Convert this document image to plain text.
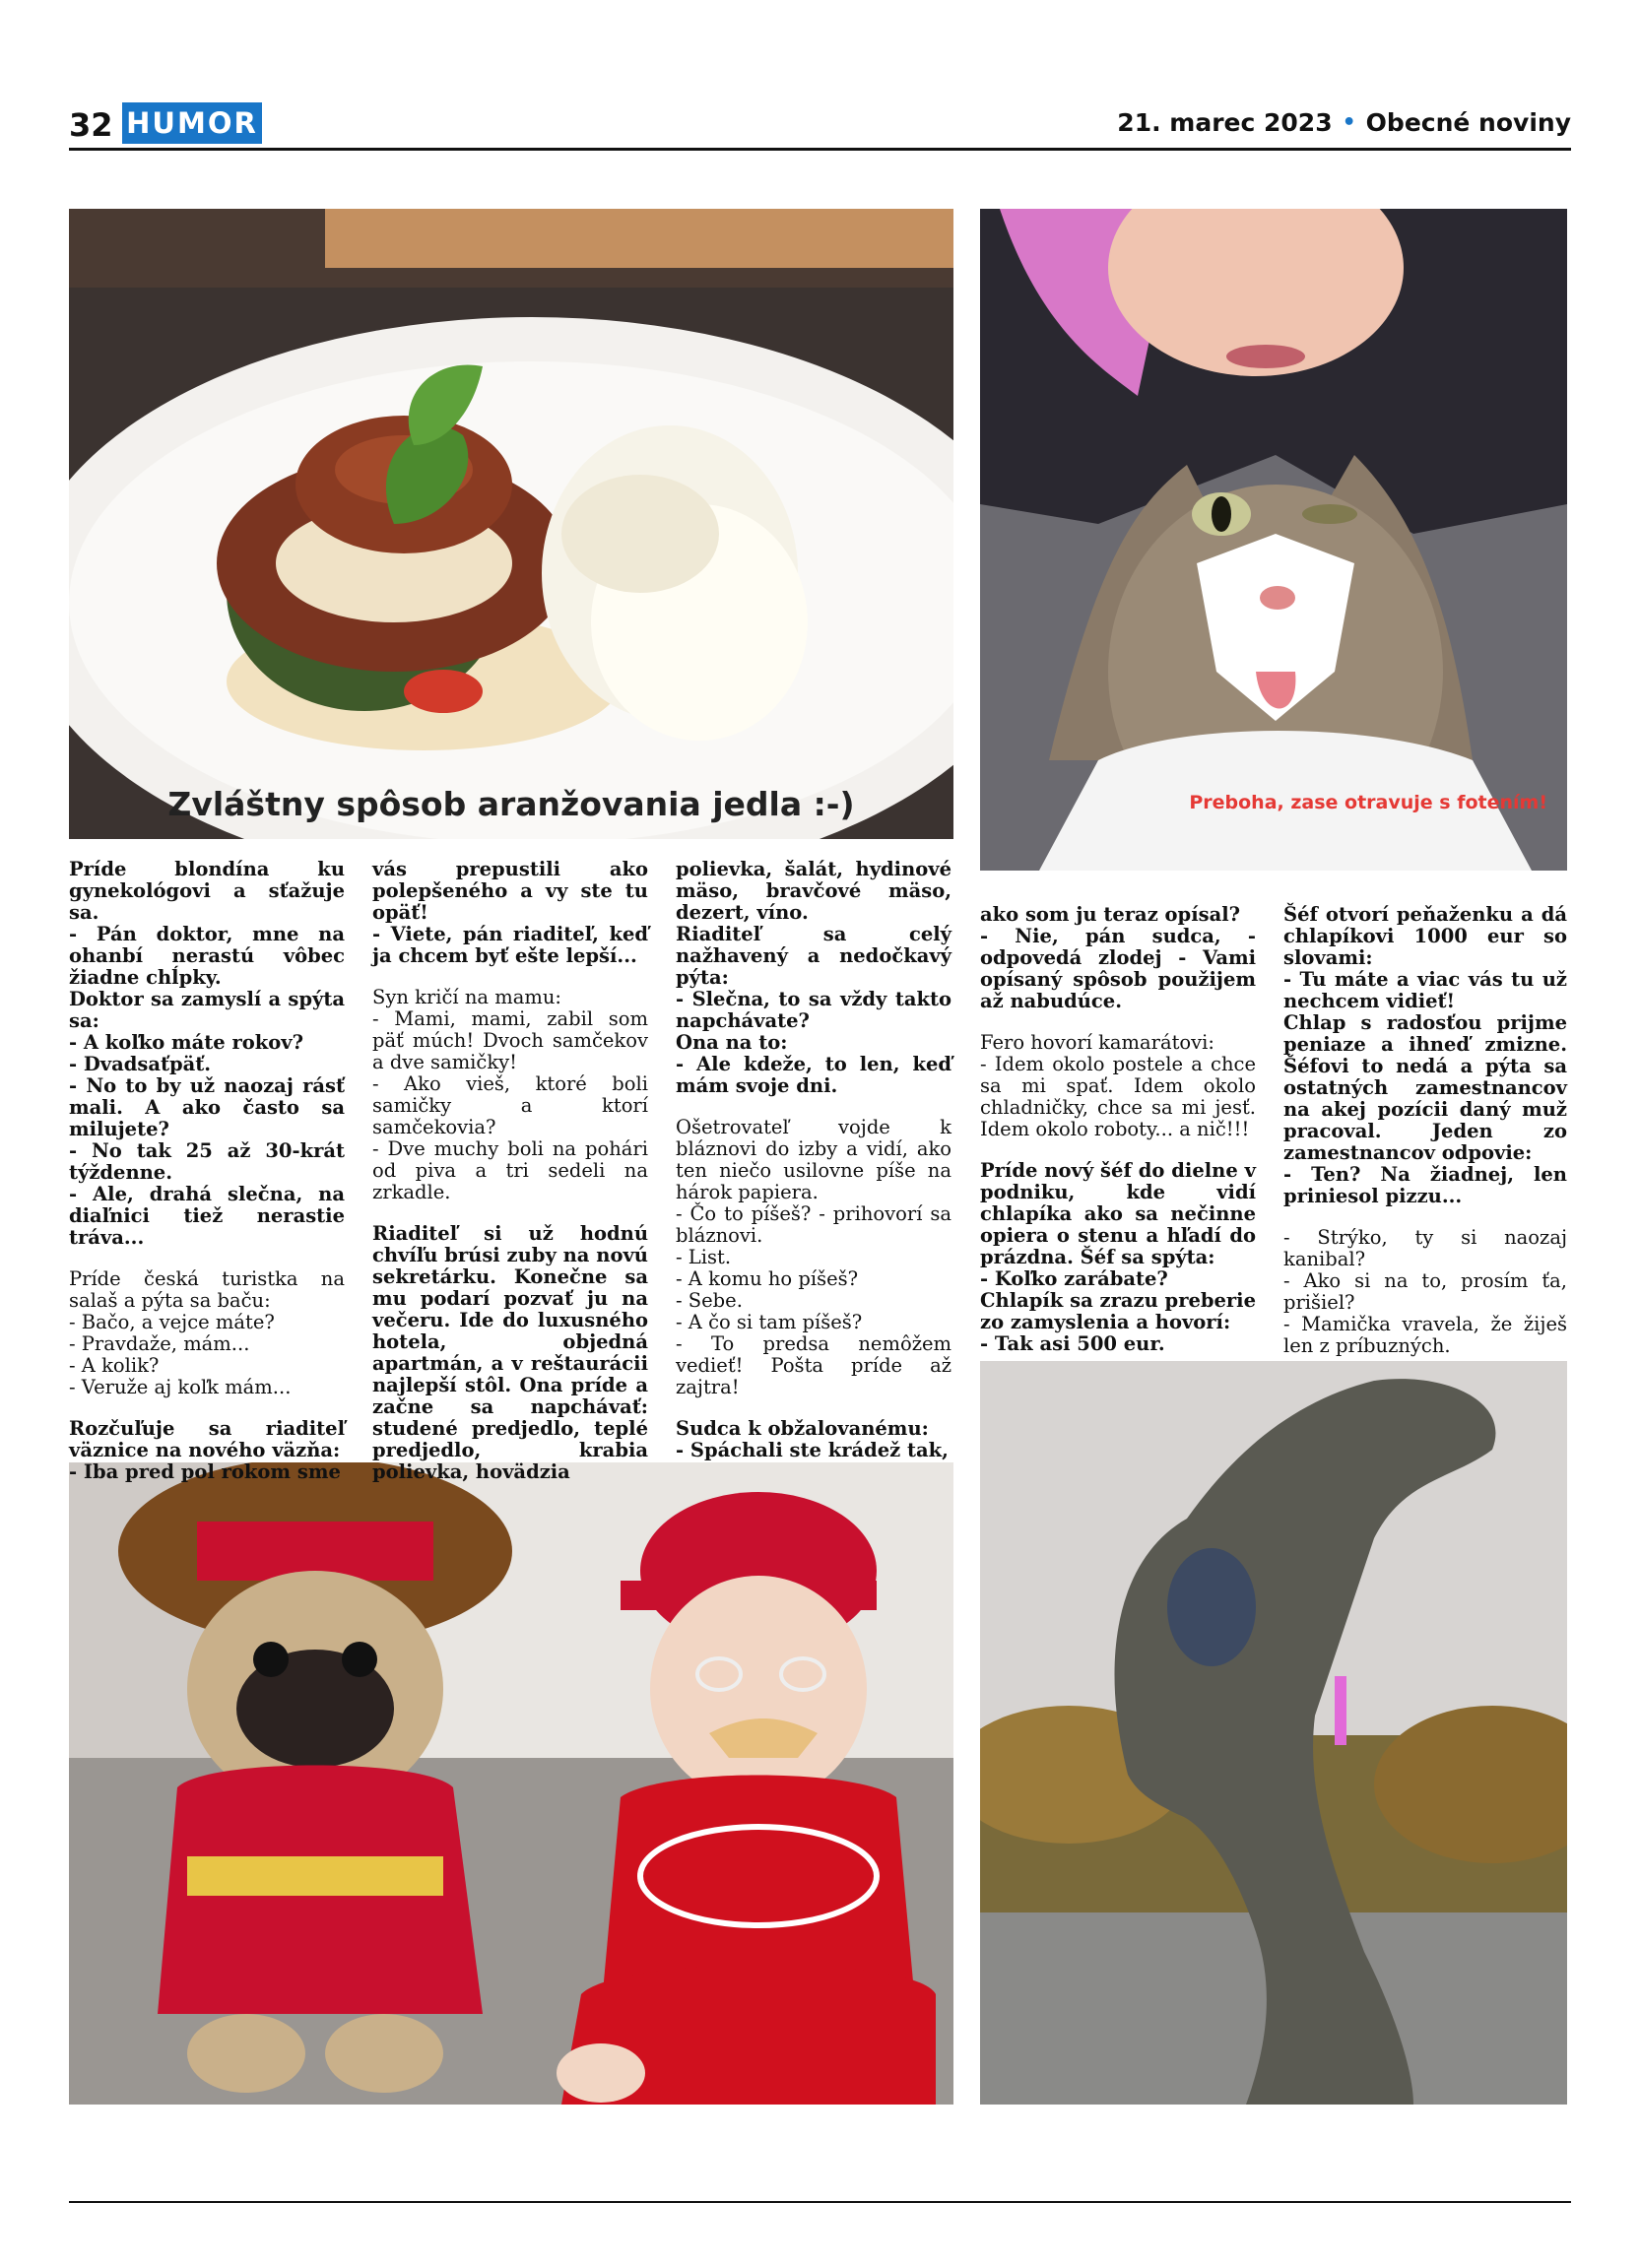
32 HUMOR	21. marec 2023 • Obecné noviny
Zvláštny spôsob aranžovania jedla :-)	Preboha, zase otravuje s fotením!

Príde blondína ku gynekológovi a sťažuje sa.
- Pán doktor, mne na ohanbí nerastú vôbec žiadne chĺpky.
Doktor sa zamyslí a spýta sa:
- A koľko máte rokov?
- Dvadsaťpäť.
- No to by už naozaj rásť mali. A ako často sa milujete?
- No tak 25 až 30-krát týždenne.
- Ale, drahá slečna, na diaľnici tiež nerastie tráva...

Príde česká turistka na salaš a pýta sa baču:
- Bačo, a vejce máte?
- Pravdaže, mám...
- A kolik?
- Veruže aj koľk mám...

Rozčuľuje sa riaditeľ väznice na nového väzňa:
- Iba pred pol rokom sme

vás prepustili ako polepšeného a vy ste tu opäť!
- Viete, pán riaditeľ, keď ja chcem byť ešte lepší...

Syn kričí na mamu:
- Mami, mami, zabil som päť múch! Dvoch samčekov a dve samičky!
- Ako vieš, ktoré boli samičky a ktorí samčekovia?
- Dve muchy boli na pohári od piva a tri sedeli na zrkadle.

Riaditeľ si už hodnú chvíľu brúsi zuby na novú sekretárku. Konečne sa mu podarí pozvať ju na večeru. Ide do luxusného hotela, objedná apartmán, a v reštaurácii najlepší stôl. Ona príde a začne sa napchávať: studené predjedlo, teplé predjedlo, krabia polievka, hovädzia

polievka, šalát, hydinové mäso, bravčové mäso, dezert, víno.
Riaditeľ sa celý nažhavený a nedočkavý pýta:
- Slečna, to sa vždy takto napchávate?
Ona na to:
- Ale kdeže, to len, keď mám svoje dni.

Ošetrovateľ vojde k bláznovi do izby a vidí, ako ten niečo usilovne píše na hárok papiera.
- Čo to píšeš? - prihovorí sa bláznovi.
- List.
- A komu ho píšeš?
- Sebe.
- A čo si tam píšeš?
- To predsa nemôžem vedieť! Pošta príde až zajtra!

Sudca k obžalovanému:
- Spáchali ste krádež tak,

ako som ju teraz opísal?
- Nie, pán sudca, - odpovedá zlodej - Vami opísaný spôsob použijem až nabudúce.

Fero hovorí kamarátovi:
- Idem okolo postele a chce sa mi spať. Idem okolo chladničky, chce sa mi jesť. Idem okolo roboty... a nič!!!

Príde nový šéf do dielne v podniku, kde vidí chlapíka ako sa nečinne opiera o stenu a hľadí do prázdna. Šéf sa spýta:
- Koľko zarábate?
Chlapík sa zrazu preberie zo zamyslenia a hovorí:
- Tak asi 500 eur.

Šéf otvorí peňaženku a dá chlapíkovi 1000 eur so slovami:
- Tu máte a viac vás tu už nechcem vidieť!
Chlap s radosťou prijme peniaze a ihneď zmizne. Šéfovi to nedá a pýta sa ostatných zamestnancov na akej pozícii daný muž pracoval. Jeden zo zamestnancov odpovie:
- Ten? Na žiadnej, len priniesol pizzu...

- Strýko, ty si naozaj kanibal?
- Ako si na to, prosím ťa, prišiel?
- Mamička vravela, že žiješ len z príbuzných.
